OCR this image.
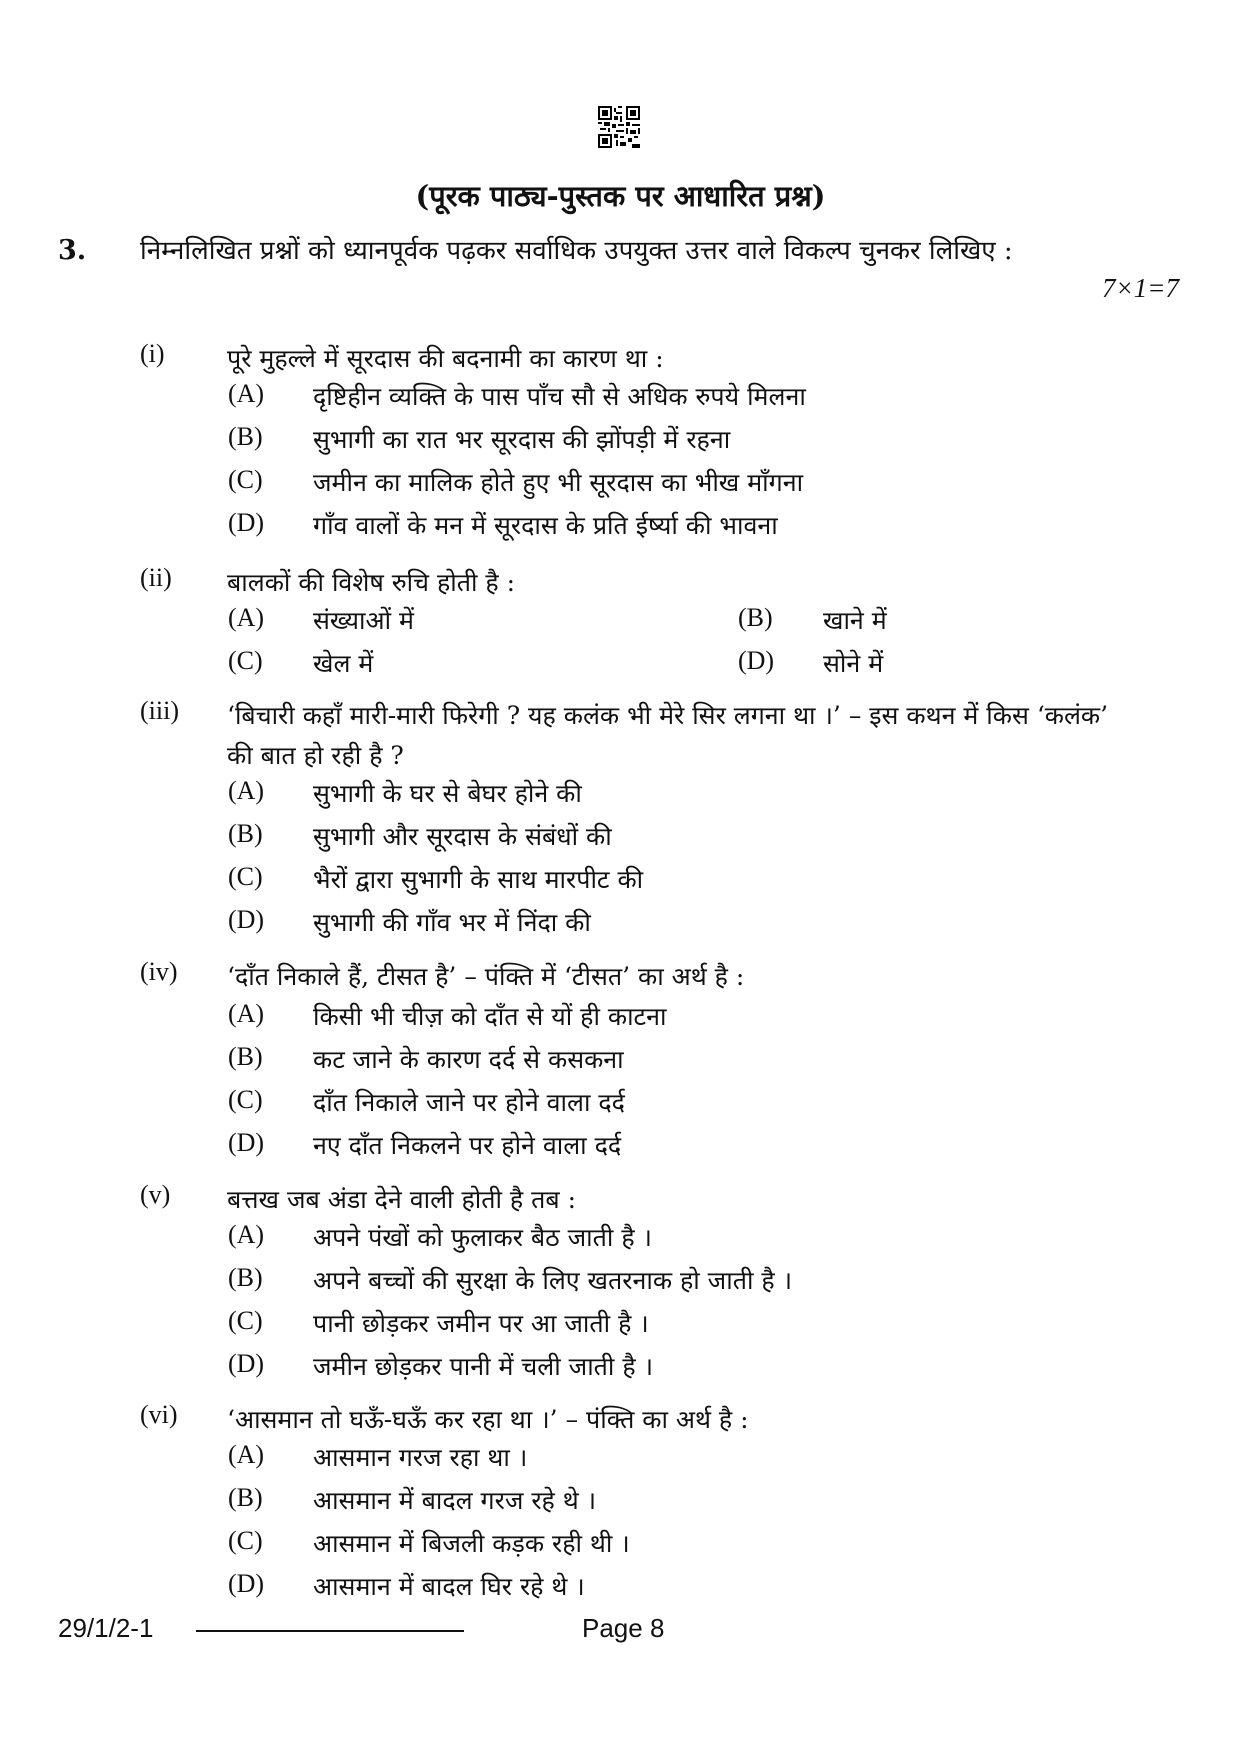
(पूरक पाठ्य-पुस्तक पर आधारित प्रश्न)
3. निम्नलिखित प्रश्नों को ध्यानपूर्वक पढ़कर सर्वाधिक उपयुक्त उत्तर वाले विकल्प चुनकर लिखिए :
7×1=7
(i) पूरे मुहल्ले में सूरदास की बदनामी का कारण था :
(A) दृष्टिहीन व्यक्ति के पास पाँच सौ से अधिक रुपये मिलना
(B) सुभागी का रात भर सूरदास की झोंपड़ी में रहना
(C) जमीन का मालिक होते हुए भी सूरदास का भीख माँगना
(D) गाँव वालों के मन में सूरदास के प्रति ईर्ष्या की भावना
(ii) बालकों की विशेष रुचि होती है :
(A) संख्याओं में	(B) खाने में
(C) खेल में	(D) सोने में
(iii) ‘बिचारी कहाँ मारी-मारी फिरेगी ? यह कलंक भी मेरे सिर लगना था ।’ – इस कथन में किस ‘कलंक’ की बात हो रही है ?
(A) सुभागी के घर से बेघर होने की
(B) सुभागी और सूरदास के संबंधों की
(C) भैरों द्वारा सुभागी के साथ मारपीट की
(D) सुभागी की गाँव भर में निंदा की
(iv) ‘दाँत निकाले हैं, टीसत है’ – पंक्ति में ‘टीसत’ का अर्थ है :
(A) किसी भी चीज़ को दाँत से यों ही काटना
(B) कट जाने के कारण दर्द से कसकना
(C) दाँत निकाले जाने पर होने वाला दर्द
(D) नए दाँत निकलने पर होने वाला दर्द
(v) बत्तख जब अंडा देने वाली होती है तब :
(A) अपने पंखों को फुलाकर बैठ जाती है ।
(B) अपने बच्चों की सुरक्षा के लिए खतरनाक हो जाती है ।
(C) पानी छोड़कर जमीन पर आ जाती है ।
(D) जमीन छोड़कर पानी में चली जाती है ।
(vi) ‘आसमान तो घऊँ-घऊँ कर रहा था ।’ – पंक्ति का अर्थ है :
(A) आसमान गरज रहा था ।
(B) आसमान में बादल गरज रहे थे ।
(C) आसमान में बिजली कड़क रही थी ।
(D) आसमान में बादल घिर रहे थे ।
29/1/2-1	Page 8
